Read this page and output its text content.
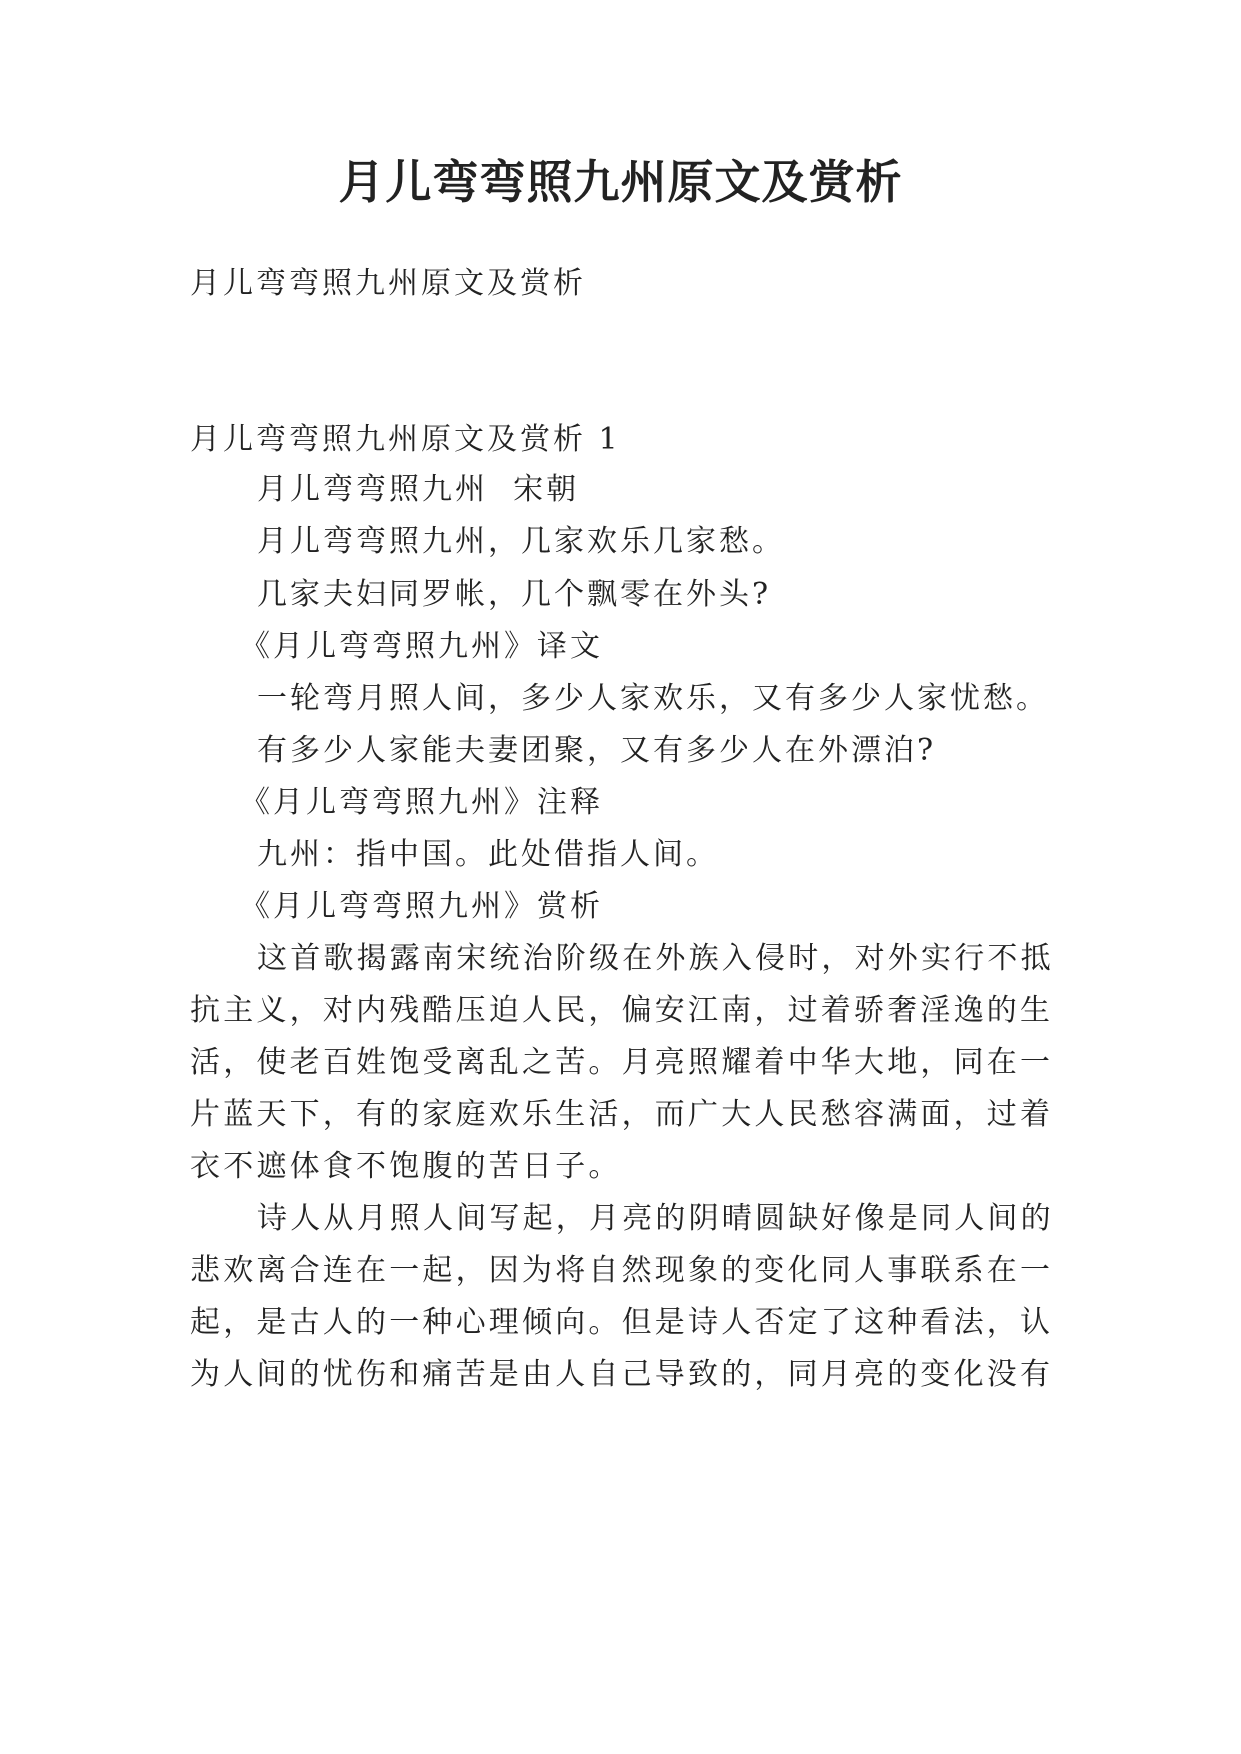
月儿弯弯照九州原文及赏析

月儿弯弯照九州原文及赏析

月儿弯弯照九州原文及赏析 1

月儿弯弯照九州  宋朝

月儿弯弯照九州，几家欢乐几家愁。

几家夫妇同罗帐，几个飘零在外头?

《月儿弯弯照九州》译文

一轮弯月照人间，多少人家欢乐，又有多少人家忧愁。

有多少人家能夫妻团聚，又有多少人在外漂泊?

《月儿弯弯照九州》注释

九州：指中国。此处借指人间。

《月儿弯弯照九州》赏析

这首歌揭露南宋统治阶级在外族入侵时，对外实行不抵

抗主义，对内残酷压迫人民，偏安江南，过着骄奢淫逸的生

活，使老百姓饱受离乱之苦。月亮照耀着中华大地，同在一

片蓝天下，有的家庭欢乐生活，而广大人民愁容满面，过着

衣不遮体食不饱腹的苦日子。

诗人从月照人间写起，月亮的阴晴圆缺好像是同人间的

悲欢离合连在一起，因为将自然现象的变化同人事联系在一

起，是古人的一种心理倾向。但是诗人否定了这种看法，认

为人间的忧伤和痛苦是由人自己导致的，同月亮的变化没有
